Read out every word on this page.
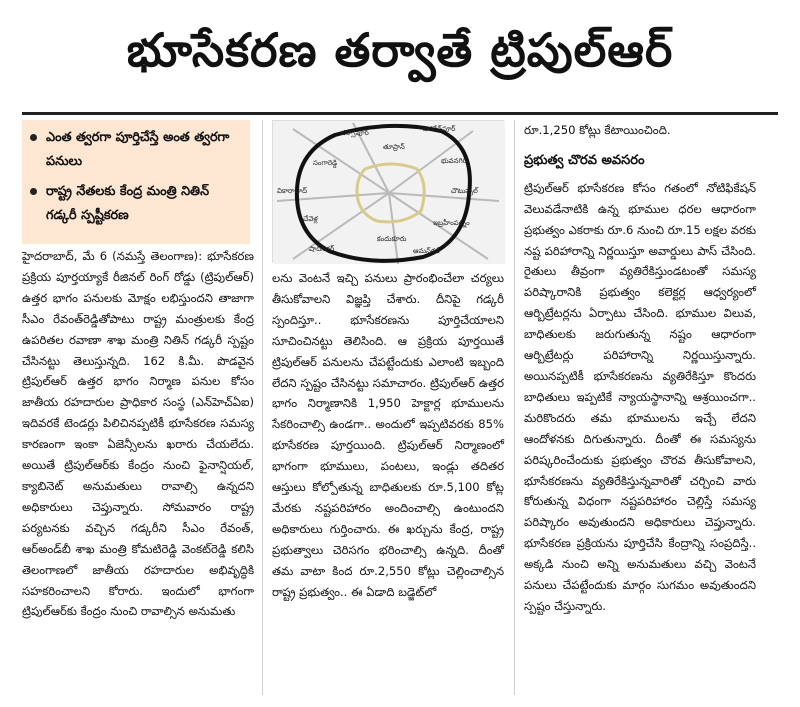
భూసేకరణ తర్వాతే ట్రిపుల్‌ఆర్
ఎంత త్వరగా పూర్తిచేస్తే అంత త్వరగా పనులు
రాష్ట్ర నేతలకు కేంద్ర మంత్రి నితిన్ గడ్కరీ స్పష్టీకరణ
హైదరాబాద్, మే 6 (నమస్తే తెలంగాణ): భూసేకరణ ప్రక్రియ పూర్తయ్యాకే రీజినల్ రింగ్ రోడ్డు (ట్రిపుల్ఆర్) ఉత్తర భాగం పనులకు మోక్షం లభిస్తుందని తాజాగా సీఎం రేవంత్‌రెడ్డితోపాటు రాష్ట్ర మంత్రులకు కేంద్ర ఉపరితల రవాణా శాఖ మంత్రి నితిన్ గడ్కరీ స్పష్టం చేసినట్టు తెలుస్తున్నది. 162 కి.మీ. పొడవైన ట్రిపుల్ఆర్ ఉత్తర భాగం నిర్మాణ పనుల కోసం జాతీయ రహదారుల ప్రాధికార సంస్థ (ఎన్‌హెచ్ఏఐ) ఇదివరకే టెండర్లు పిలిచినప్పటికీ భూసేకరణ సమస్య కారణంగా ఇంకా ఏజెన్సీలను ఖరారు చేయలేదు. అయితే ట్రిపుల్ఆర్‌కు కేంద్రం నుంచి ఫైనాన్షియల్, క్యాబినెట్ అనుమతులు రావాల్సి ఉన్నదని అధికారులు చెప్తున్నారు. సోమవారం రాష్ట్ర పర్యటనకు వచ్చిన గడ్కరీని సీఎం రేవంత్, ఆర్అండ్‌బీ శాఖ మంత్రి కోమటిరెడ్డి వెంకట్‌రెడ్డి కలిసి తెలంగాణలో జాతీయ రహదారుల అభివృద్ధికి సహకరించాలని కోరారు. ఇందులో భాగంగా ట్రిపుల్ఆర్‌కు కేంద్రం నుంచి రావాల్సిన అనుమతు
జగదేవ్‌పూర్
నర్సాపూర్
భువనగిరి
సంగారెడ్డి
చౌటుప్పల్
వికారాబాద్
చేవెళ్ల	ఇబ్రహీంపట్నం
షాద్‌నగర్	ఆమన్‌గల్
కందుకూరు
తూప్రాన్
లను వెంటనే ఇచ్చి పనులు ప్రారంభించేలా చర్యలు తీసుకోవాలని విజ్ఞప్తి చేశారు. దీనిపై గడ్కరీ స్పందిస్తూ.. భూసేకరణను పూర్తిచేయాలని సూచించినట్టు తెలిసింది. ఆ ప్రక్రియ పూర్తయితే ట్రిపుల్ఆర్ పనులను చేపట్టేందుకు ఎలాంటి ఇబ్బంది లేదని స్పష్టం చేసినట్టు సమాచారం. ట్రిపుల్ఆర్ ఉత్తర భాగం నిర్మాణానికి 1,950 హెక్టార్ల భూములను సేకరించాల్సి ఉండగా.. అందులో ఇప్పటివరకు 85% భూసేకరణ పూర్తయింది. ట్రిపుల్ఆర్ నిర్మాణంలో భాగంగా భూములు, పంటలు, ఇండ్లు తదితర ఆస్తులు కోల్పోతున్న బాధితులకు రూ.5,100 కోట్ల మేరకు నష్టపరిహారం అందించాల్సి ఉంటుందని అధికారులు గుర్తించారు. ఈ ఖర్చును కేంద్ర, రాష్ట్ర ప్రభుత్వాలు చెరిసగం భరించాల్సి ఉన్నది. దీంతో తమ వాటా కింద రూ.2,550 కోట్లు చెల్లించాల్సిన రాష్ట్ర ప్రభుత్వం.. ఈ ఏడాది బడ్జెట్‌లో
రూ.1,250 కోట్లు కేటాయించింది.
ప్రభుత్వ చొరవ అవసరం
ట్రిపుల్ఆర్ భూసేకరణ కోసం గతంలో నోటిఫికేషన్ వెలువడేనాటికి ఉన్న భూముల ధరల ఆధారంగా ప్రభుత్వం ఎకరాకు రూ.6 నుంచి రూ.15 లక్షల వరకు నష్ట పరిహారాన్ని నిర్ణయిస్తూ అవార్డులు పాస్ చేసింది. రైతులు తీవ్రంగా వ్యతిరేకిస్తుండటంతో సమస్య పరిష్కారానికి ప్రభుత్వం కలెక్టర్ల ఆధ్వర్యంలో ఆర్బిట్రేటర్లను ఏర్పాటు చేసింది. భూముల విలువ, బాధితులకు జరుగుతున్న నష్టం ఆధారంగా ఆర్బిట్రేటర్లు పరిహారాన్ని నిర్ణయిస్తున్నారు. అయినప్పటికీ భూసేకరణను వ్యతిరేకిస్తూ కొందరు బాధితులు ఇప్పటికే న్యాయస్థానాన్ని ఆశ్రయించగా.. మరికొందరు తమ భూములను ఇచ్చే లేదని ఆందోళనకు దిగుతున్నారు. దీంతో ఈ సమస్యను పరిష్కరించేందుకు ప్రభుత్వం చొరవ తీసుకోవాలని, భూసేకరణను వ్యతిరేకిస్తున్నవారితో చర్చించి వారు కోరుతున్న విధంగా నష్టపరిహారం చెల్లిస్తే సమస్య పరిష్కారం అవుతుందని అధికారులు చెప్తున్నారు. భూసేకరణ ప్రక్రియను పూర్తిచేసి కేంద్రాన్ని సంప్రదిస్తే.. అక్కడి నుంచి అన్ని అనుమతులు వచ్చి వెంటనే పనులు చేపట్టేందుకు మార్గం సుగమం అవుతుందని స్పష్టం చేస్తున్నారు.
